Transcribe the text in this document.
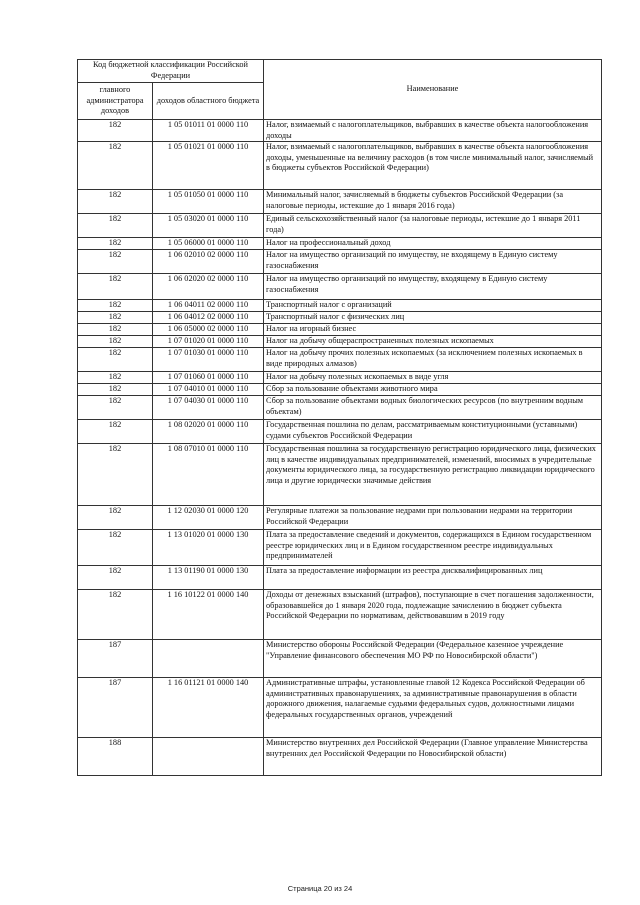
Код бюджетной классификации Российской Федерации		Наименование
главного администратора доходов	доходов областного бюджета	
182	1 05 01011 01 0000 110	Налог, взимаемый с налогоплательщиков, выбравших в качестве объекта налогообложения доходы
182	1 05 01021 01 0000 110	Налог, взимаемый с налогоплательщиков, выбравших в качестве объекта налогообложения доходы, уменьшенные на величину расходов (в том числе минимальный налог, зачисляемый в бюджеты субъектов Российской Федерации)
182	1 05 01050 01 0000 110	Минимальный налог, зачисляемый в бюджеты субъектов Российской Федерации (за налоговые периоды, истекшие до 1 января 2016 года)
182	1 05 03020 01 0000 110	Единый сельскохозяйственный налог (за налоговые периоды, истекшие до 1 января 2011 года)
182	1 05 06000 01 0000 110	Налог на профессиональный доход
182	1 06 02010 02 0000 110	Налог на имущество организаций по имуществу, не входящему в Единую систему газоснабжения
182	1 06 02020 02 0000 110	Налог на имущество организаций по имуществу, входящему в Единую систему газоснабжения
182	1 06 04011 02 0000 110	Транспортный налог с организаций
182	1 06 04012 02 0000 110	Транспортный налог с физических лиц
182	1 06 05000 02 0000 110	Налог на игорный бизнес
182	1 07 01020 01 0000 110	Налог на добычу общераспространенных полезных ископаемых
182	1 07 01030 01 0000 110	Налог на добычу прочих полезных ископаемых (за исключением полезных ископаемых в виде природных алмазов)
182	1 07 01060 01 0000 110	Налог на добычу полезных ископаемых в виде угля
182	1 07 04010 01 0000 110	Сбор за пользование объектами животного мира
182	1 07 04030 01 0000 110	Сбор за пользование объектами водных биологических ресурсов (по внутренним водным объектам)
182	1 08 02020 01 0000 110	Государственная пошлина по делам, рассматриваемым конституционными (уставными) судами субъектов Российской Федерации
182	1 08 07010 01 0000 110	Государственная пошлина за государственную регистрацию юридического лица, физических лиц в качестве индивидуальных предпринимателей, изменений, вносимых в учредительные документы юридического лица, за государственную регистрацию ликвидации юридического лица и другие юридически значимые действия
182	1 12 02030 01 0000 120	Регулярные платежи за пользование недрами при пользовании недрами на территории Российской Федерации
182	1 13 01020 01 0000 130	Плата за предоставление сведений и документов, содержащихся в Едином государственном реестре юридических лиц и в Едином государственном реестре индивидуальных предпринимателей
182	1 13 01190 01 0000 130	Плата за предоставление информации из реестра дисквалифицированных лиц
182	1 16 10122 01 0000 140	Доходы от денежных взысканий (штрафов), поступающие в счет погашения задолженности, образовавшейся до 1 января 2020 года, подлежащие зачислению в бюджет субъекта Российской Федерации по нормативам, действовавшим в 2019 году
187		Министерство обороны Российской Федерации (Федеральное казенное учреждение "Управление финансового обеспечения МО РФ по Новосибирской области")
187	1 16 01121 01 0000 140	Административные штрафы, установленные главой 12 Кодекса Российской Федерации об административных правонарушениях, за административные правонарушения в области дорожного движения, налагаемые судьями федеральных судов, должностными лицами федеральных государственных органов, учреждений
188		Министерство внутренних дел Российской Федерации (Главное управление Министерства внутренних дел Российской Федерации по Новосибирской области)
Страница 20 из 24
